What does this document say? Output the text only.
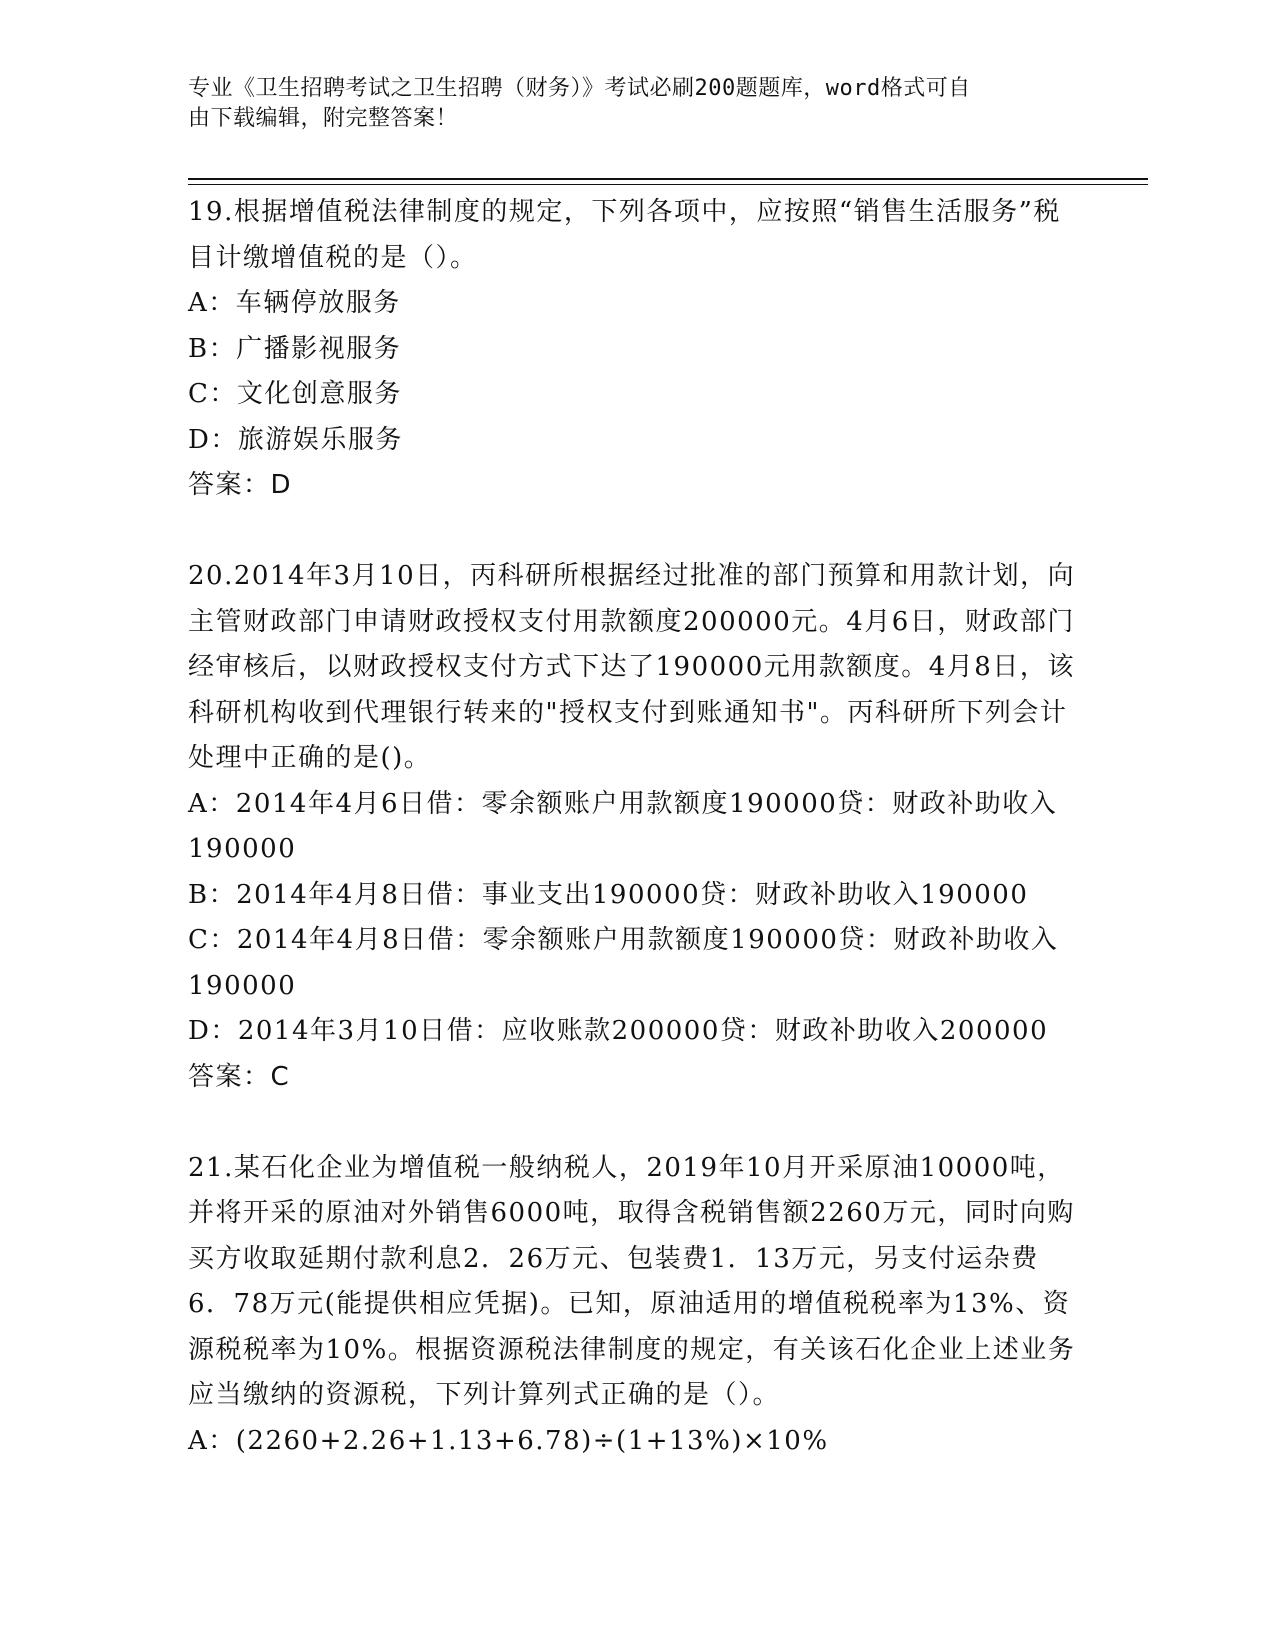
专业《卫生招聘考试之卫生招聘（财务）》考试必刷200题题库，word格式可自
由下载编辑，附完整答案！

19.根据增值税法律制度的规定，下列各项中，应按照“销售生活服务”税目计缴增值税的是（）。

A：车辆停放服务

B：广播影视服务

C：文化创意服务

D：旅游娱乐服务

答案：D

20.2014年3月10日，丙科研所根据经过批准的部门预算和用款计划，向主管财政部门申请财政授权支付用款额度200000元。4月6日，财政部门经审核后，以财政授权支付方式下达了190000元用款额度。4月8日，该科研机构收到代理银行转来的"授权支付到账通知书"。丙科研所下列会计处理中正确的是()。

A：2014年4月6日借：零余额账户用款额度190000贷：财政补助收入190000

B：2014年4月8日借：事业支出190000贷：财政补助收入190000

C：2014年4月8日借：零余额账户用款额度190000贷：财政补助收入190000

D：2014年3月10日借：应收账款200000贷：财政补助收入200000

答案：C

21.某石化企业为增值税一般纳税人，2019年10月开采原油10000吨，并将开采的原油对外销售6000吨，取得含税销售额2260万元，同时向购买方收取延期付款利息2．26万元、包装费1．13万元，另支付运杂费6．78万元(能提供相应凭据)。已知，原油适用的增值税税率为13%、资源税税率为10%。根据资源税法律制度的规定，有关该石化企业上述业务应当缴纳的资源税，下列计算列式正确的是（）。

A：(2260+2.26+1.13+6.78)÷(1+13%)×10%
